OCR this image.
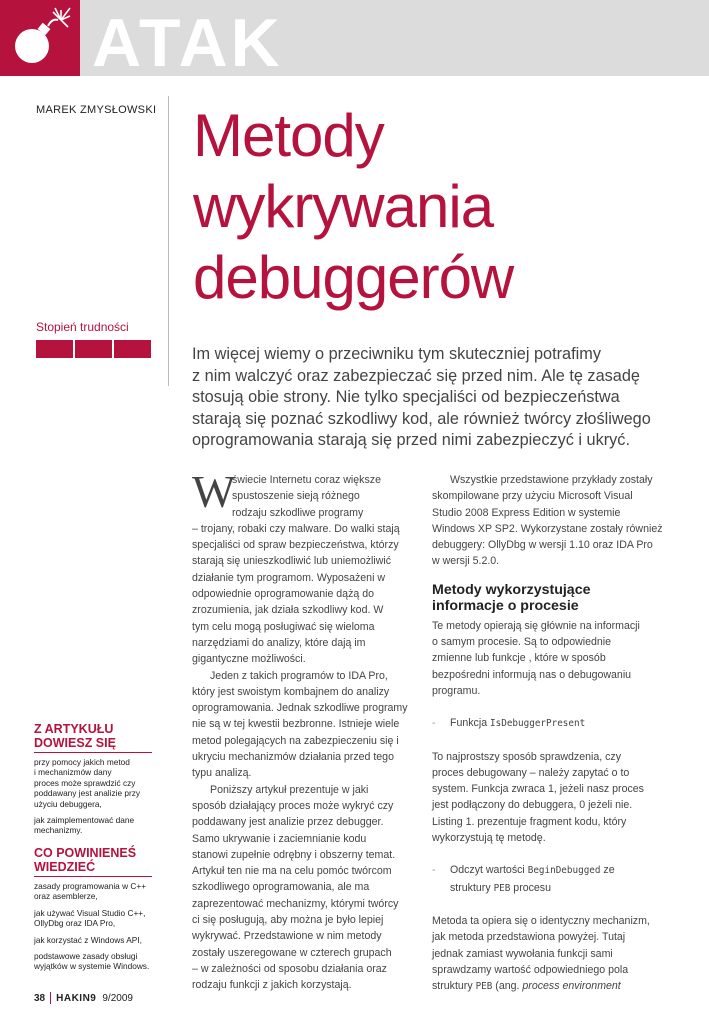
ATAK
MAREK ZMYSŁOWSKI Metody
wykrywania
debuggerów
Stopień trudności
Im więcej wiemy o przeciwniku tym skuteczniej potrafimy
z nim walczyć oraz zabezpieczać się przed nim. Ale tę zasadę
stosują obie strony. Nie tylko specjaliści od bezpieczeństwa
starają się poznać szkodliwy kod, ale również twórcy złośliwego
oprogramowania starają się przed nimi zabezpieczyć i ukryć.
W
świecie Internetu coraz większe
spustoszenie sieją różnego
rodzaju szkodliwe programy
– trojany, robaki czy malware. Do walki stają
specjaliści od spraw bezpieczeństwa, którzy
starają się unieszkodliwić lub uniemożliwić
działanie tym programom. Wyposażeni w
odpowiednie oprogramowanie dążą do
zrozumienia, jak działa szkodliwy kod. W
tym celu mogą posługiwać się wieloma
narzędziami do analizy, które dają im
gigantyczne możliwości.
Jeden z takich programów to IDA Pro,
który jest swoistym kombajnem do analizy
oprogramowania. Jednak szkodliwe programy
nie są w tej kwestii bezbronne. Istnieje wiele
metod polegających na zabezpieczeniu się i
ukryciu mechanizmów działania przed tego
typu analizą.
Poniższy artykuł prezentuje w jaki
sposób działający proces może wykryć czy
poddawany jest analizie przez debugger.
Samo ukrywanie i zaciemnianie kodu
stanowi zupełnie odrębny i obszerny temat.
Artykuł ten nie ma na celu pomóc twórcom
szkodliwego oprogramowania, ale ma
zaprezentować mechanizmy, którymi twórcy
ci się posługują, aby można je było lepiej
wykrywać. Przedstawione w nim metody
zostały uszeregowane w czterech grupach
– w zależności od sposobu działania oraz
rodzaju funkcji z jakich korzystają.
Wszystkie przedstawione przykłady zostały
skompilowane przy użyciu Microsoft Visual
Studio 2008 Express Edition w systemie
Windows XP SP2. Wykorzystane zostały również
debuggery: OllyDbg w wersji 1.10 oraz IDA Pro
w wersji 5.2.0.
Metody wykorzystujące
informacje o procesie
Te metody opierają się głównie na informacji
o samym procesie. Są to odpowiednie
zmienne lub funkcje , które w sposób
bezpośredni informują nas o debugowaniu
programu.
- Funkcja IsDebuggerPresent
To najprostszy sposób sprawdzenia, czy
proces debugowany – należy zapytać o to
system. Funkcja zwraca 1, jeżeli nasz proces
jest podłączony do debuggera, 0 jeżeli nie.
Listing 1. prezentuje fragment kodu, który
wykorzystują tę metodę.
- Odczyt wartości BeginDebugged ze
struktury PEB procesu
Metoda ta opiera się o identyczny mechanizm,
jak metoda przedstawiona powyżej. Tutaj
jednak zamiast wywołania funkcji sami
sprawdzamy wartość odpowiedniego pola
struktury PEB (ang. process environment
Z ARTYKUŁU
DOWIESZ SIĘ
przy pomocy jakich metod
i mechanizmów dany
proces może sprawdzić czy
poddawany jest analizie przy
użyciu debuggera,
jak zaimplementować dane
mechanizmy.
CO POWINIENEŚ
WIEDZIEĆ
zasady programowania w C++
oraz asemblerze,
jak używać Visual Studio C++,
OllyDbg oraz IDA Pro,
jak korzystać z Windows API,
podstawowe zasady obsługi
wyjątków w systemie Windows.
38 HAKIN9 9/2009
